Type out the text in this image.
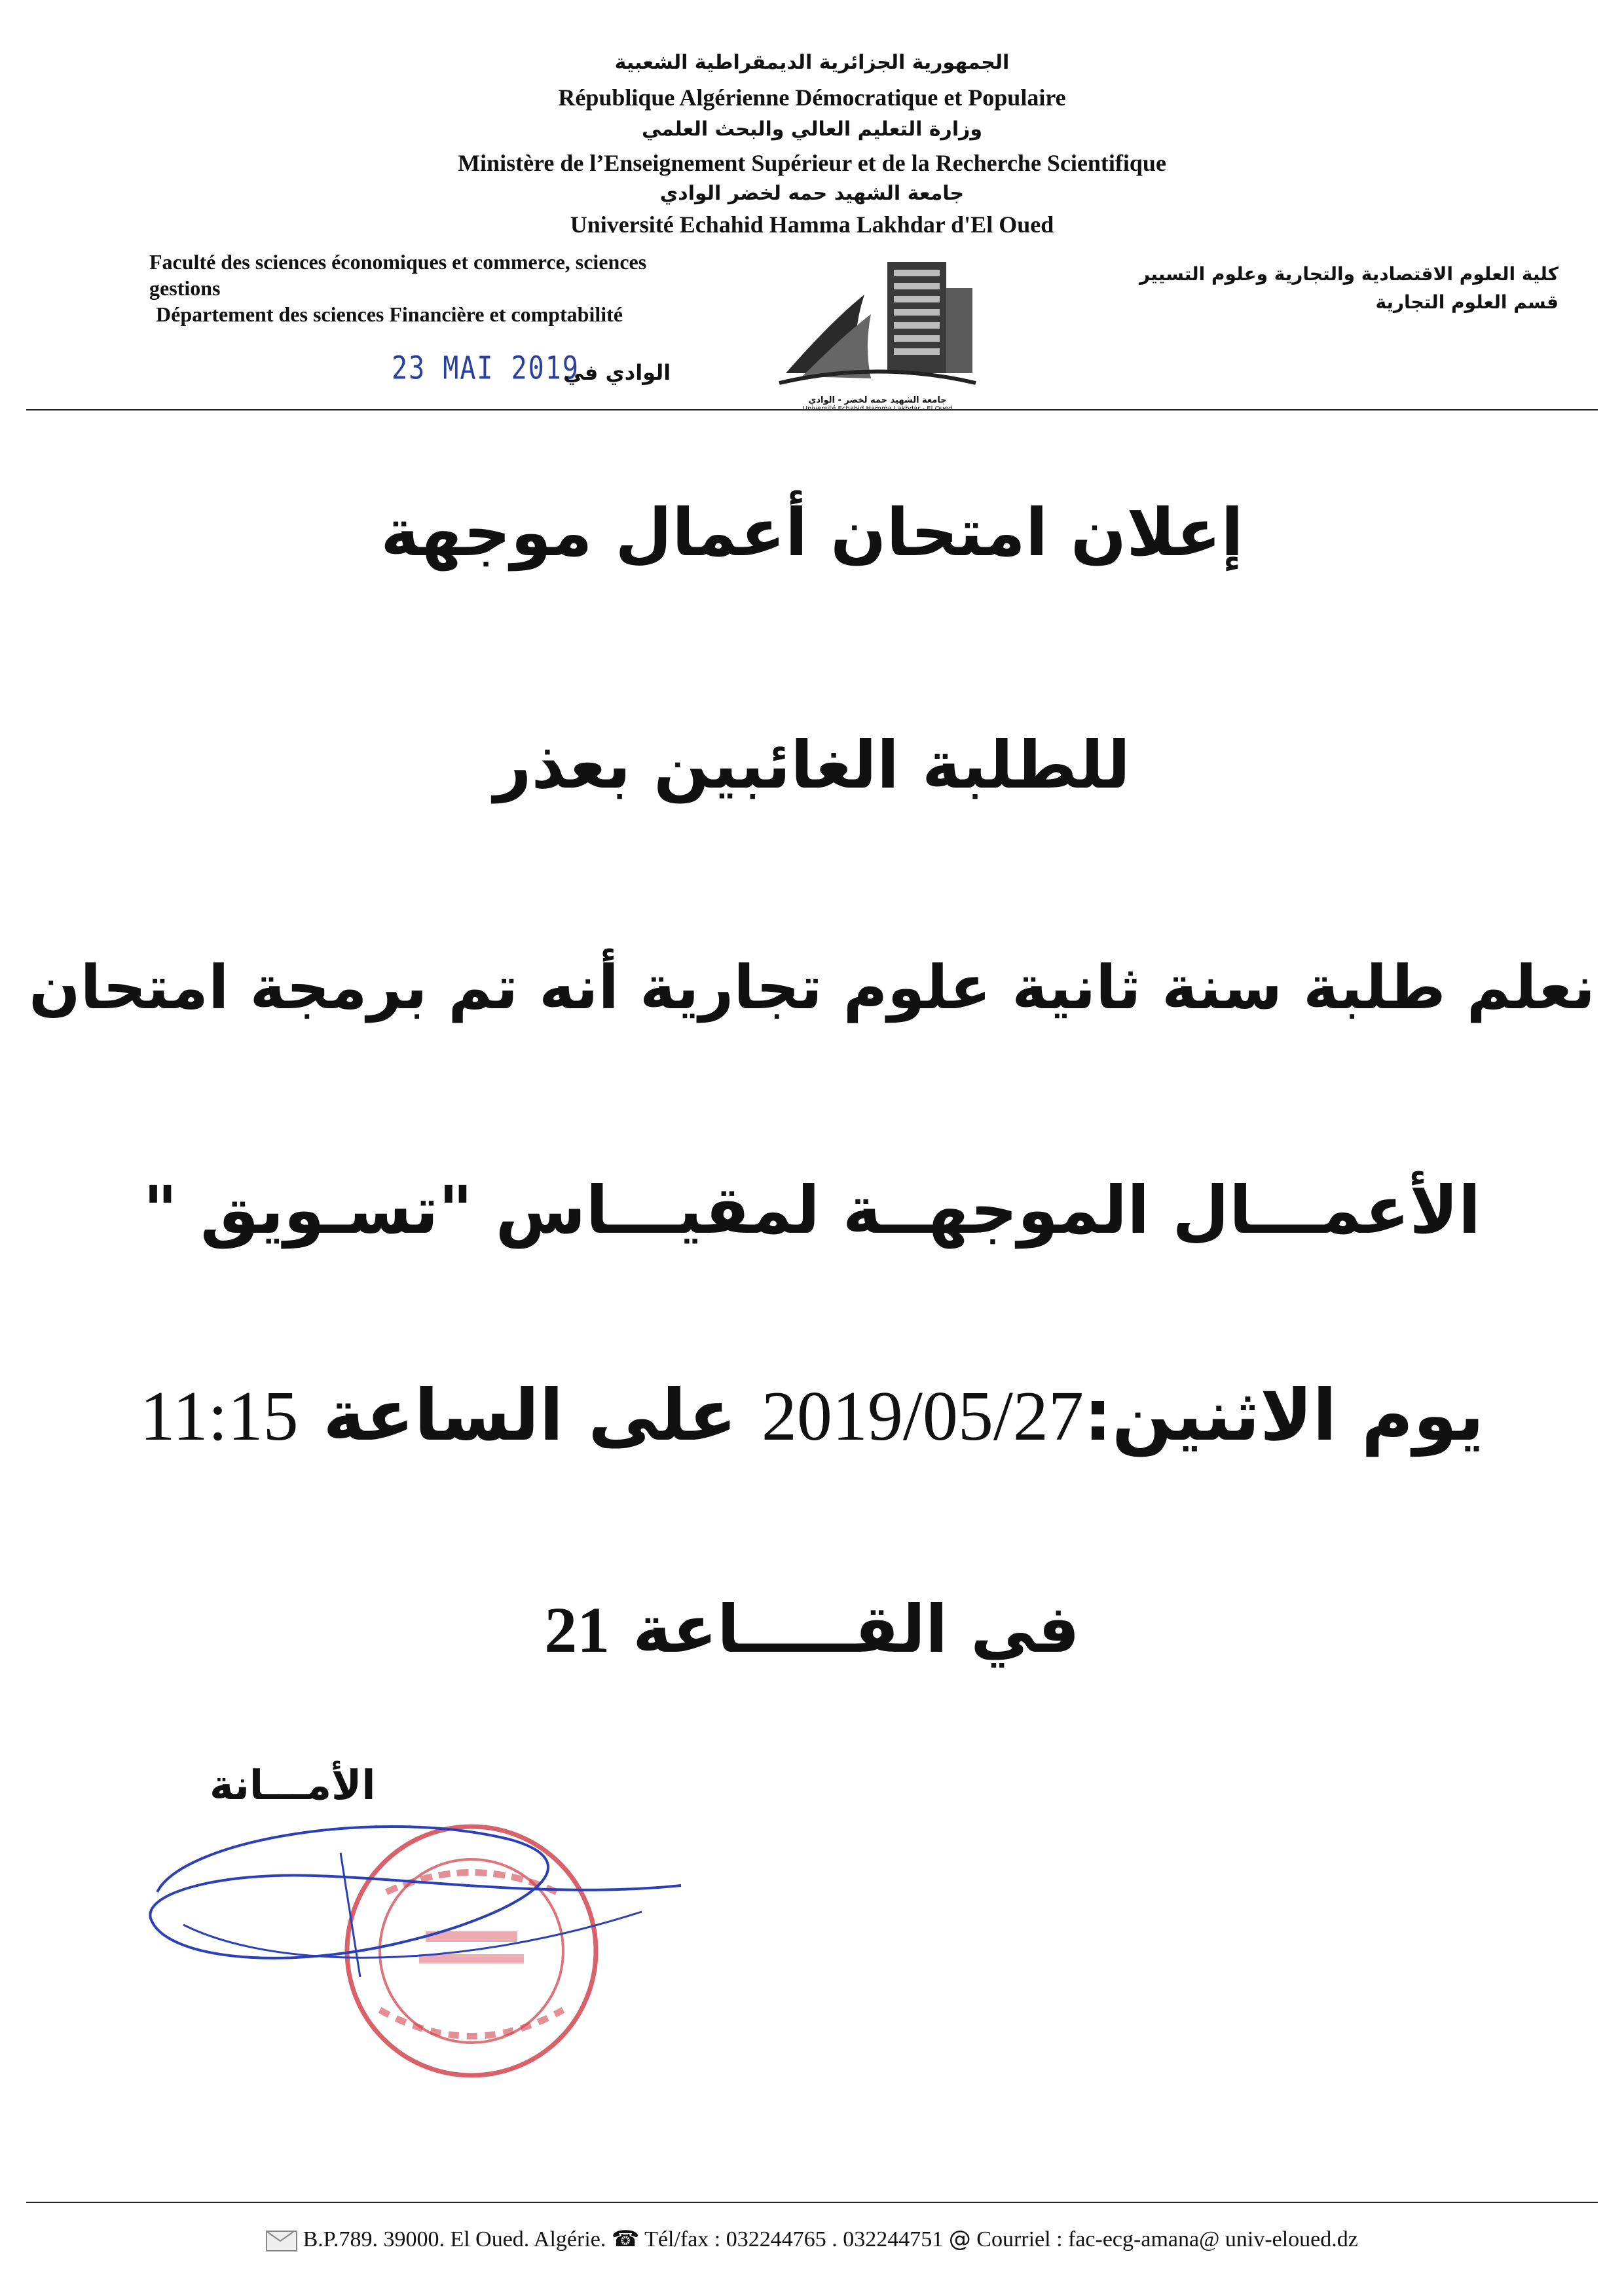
الجمهورية الجزائرية الديمقراطية الشعبية
République Algérienne Démocratique et Populaire
وزارة التعليم العالي والبحث العلمي
Ministère de l’Enseignement Supérieur et de la Recherche Scientifique
جامعة الشهيد حمه لخضر الوادي
Université Echahid Hamma Lakhdar d'El Oued
Faculté des sciences économiques et commerce, sciences
gestions
Département des sciences Financière et comptabilité
كلية العلوم الاقتصادية والتجارية وعلوم التسيير
قسم العلوم التجارية
جامعة الشهيد حمه لخضر - الوادي
Université Echahid Hamma Lakhdar - El Oued
23 MAI 2019
الوادي في
إعلان امتحان أعمال موجهة
للطلبة الغائبين بعذر
نعلم طلبة سنة ثانية علوم تجارية أنه تم برمجة امتحان
الأعمـــال الموجهــة لمقيـــاس "تسـويق "
يوم الاثنين:2019/05/27 على الساعة 11:15
في القـــــاعة 21
الأمـــانة
B.P.789. 39000. El Oued. Algérie. ☎ Tél/fax : 032244765 . 032244751 @ Courriel : fac-ecg-amana@ univ-eloued.dz
